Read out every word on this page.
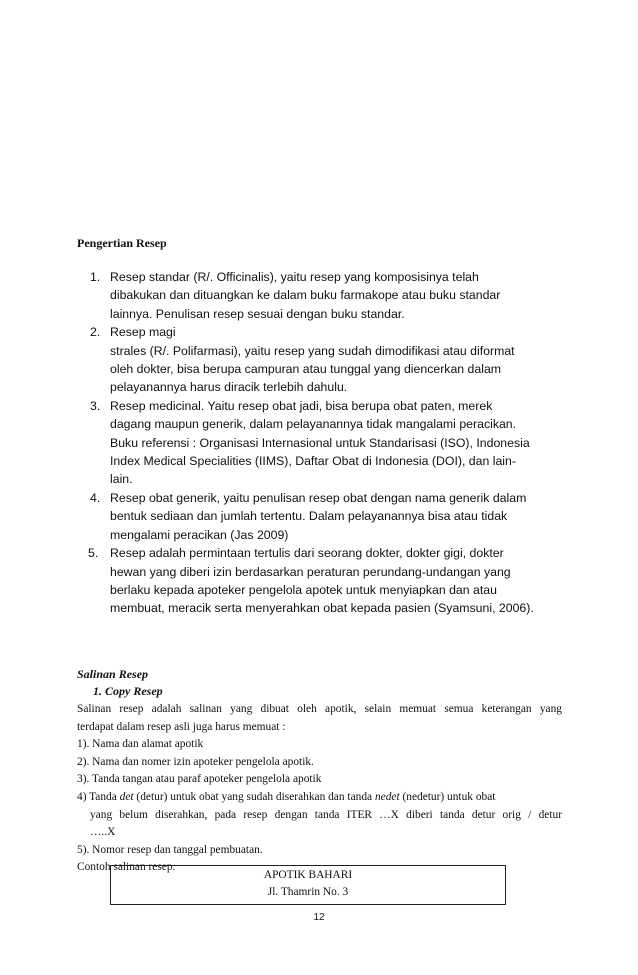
Pengertian Resep
1. Resep standar (R/. Officinalis), yaitu resep yang komposisinya telah
dibakukan dan dituangkan ke dalam buku farmakope atau buku standar
lainnya. Penulisan resep sesuai dengan buku standar.
2. Resep magi
strales (R/. Polifarmasi), yaitu resep yang sudah dimodifikasi atau diformat
oleh dokter, bisa berupa campuran atau tunggal yang diencerkan dalam
pelayanannya harus diracik terlebih dahulu.
3. Resep medicinal. Yaitu resep obat jadi, bisa berupa obat paten, merek
dagang maupun generik, dalam pelayanannya tidak mangalami peracikan.
Buku referensi : Organisasi Internasional untuk Standarisasi (ISO), Indonesia
Index Medical Specialities (IIMS), Daftar Obat di Indonesia (DOI), dan lain-
lain.
4. Resep obat generik, yaitu penulisan resep obat dengan nama generik dalam
bentuk sediaan dan jumlah tertentu. Dalam pelayanannya bisa atau tidak
mengalami peracikan (Jas 2009)
5. Resep adalah permintaan tertulis dari seorang dokter, dokter gigi, dokter
hewan yang diberi izin berdasarkan peraturan perundang-undangan yang
berlaku kepada apoteker pengelola apotek untuk menyiapkan dan atau
membuat, meracik serta menyerahkan obat kepada pasien (Syamsuni, 2006).
Salinan Resep
1. Copy Resep
Salinan resep adalah salinan yang dibuat oleh apotik, selain memuat semua keterangan yang
terdapat dalam resep asli juga harus memuat :
1). Nama dan alamat apotik
2). Nama dan nomer izin apoteker pengelola apotik.
3). Tanda tangan atau paraf apoteker pengelola apotik
4) Tanda det (detur) untuk obat yang sudah diserahkan dan tanda nedet (nedetur) untuk obat
yang belum diserahkan, pada resep dengan tanda ITER …X diberi tanda detur orig / detur
…..X
5). Nomor resep dan tanggal pembuatan.
Contoh salinan resep.
APOTIK BAHARI
Jl. Thamrin No. 3
12
